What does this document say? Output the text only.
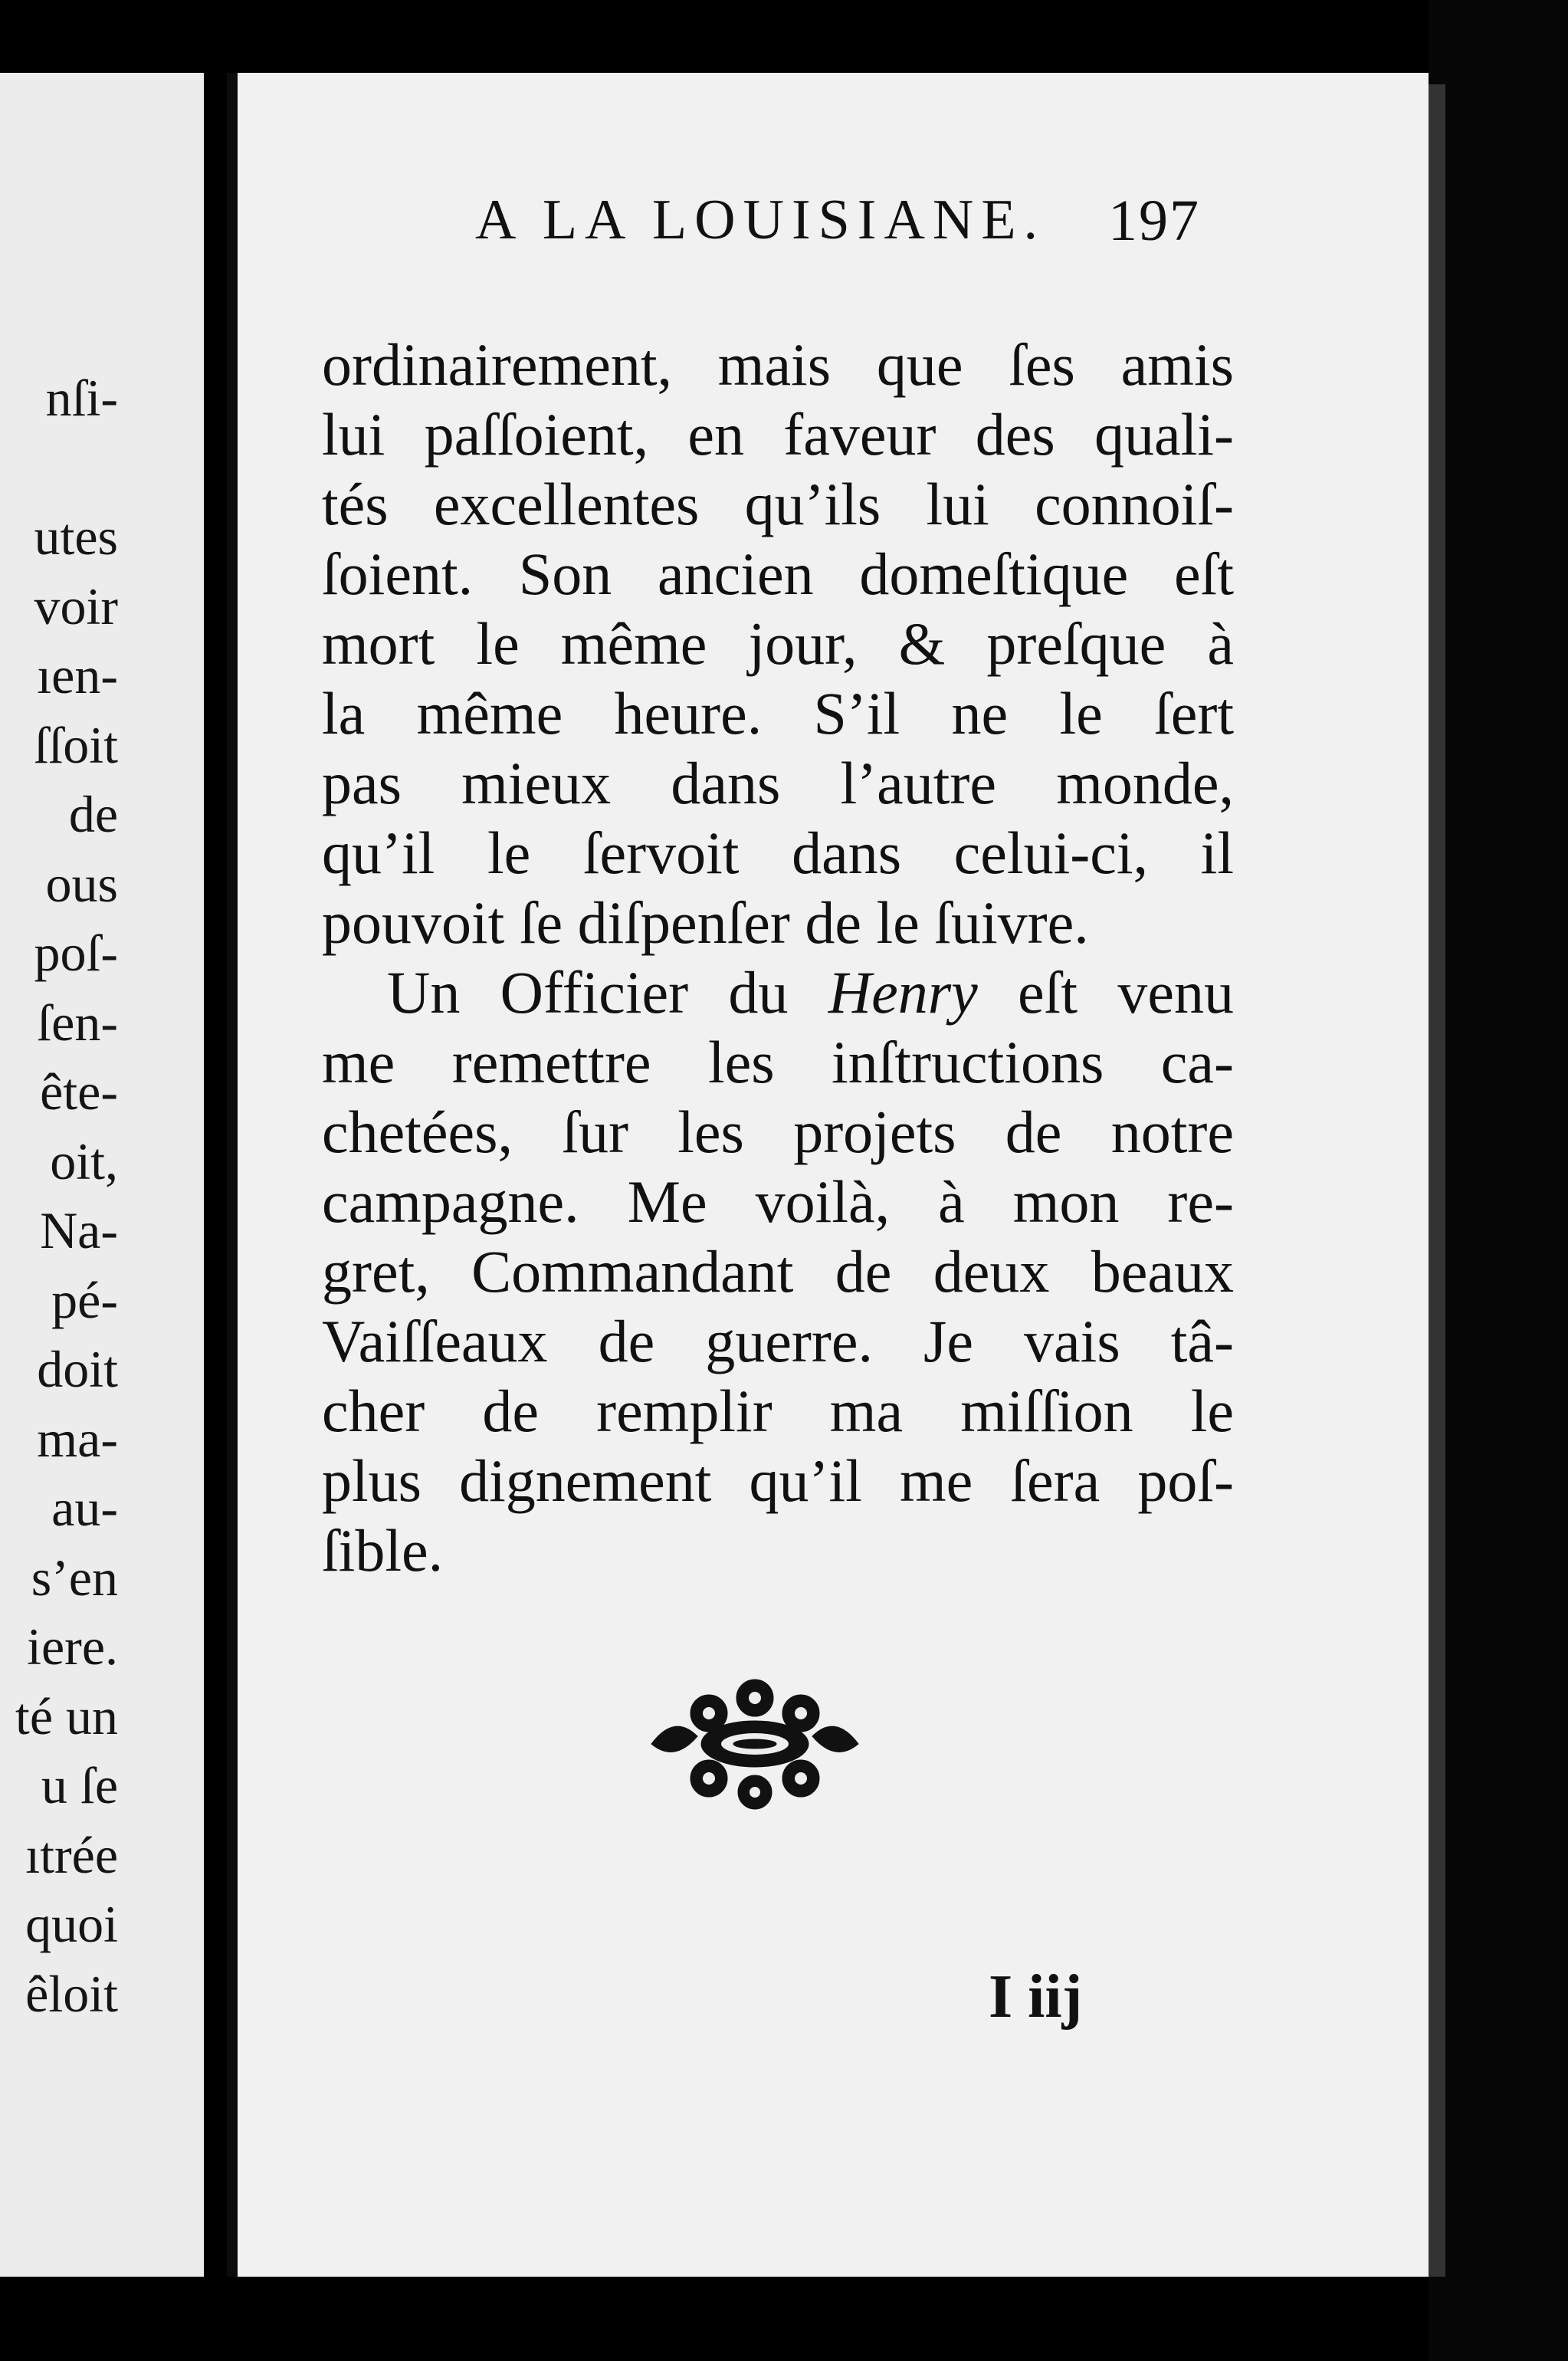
nſi-
utes
voir
ıen-
ſſoit
de
ous
poſ-
ſen-
ête-
oit,
Na-
pé-
doit
ma-
au-
s’en
iere.
té un
u ſe
ıtrée
quoi
êloit
A LA LOUISIANE. 197
ordinairement, mais que ſes amis
lui paſſoient, en faveur des quali-
tés excellentes qu’ils lui connoiſ-
ſoient. Son ancien domeſtique eſt
mort le même jour, & preſque à
la même heure. S’il ne le ſert
pas mieux dans l’autre monde,
qu’il le ſervoit dans celui-ci, il
pouvoit ſe diſpenſer de le ſuivre.
Un Officier du Henry eſt venu
me remettre les inſtructions ca-
chetées, ſur les projets de notre
campagne. Me voilà, à mon re-
gret, Commandant de deux beaux
Vaiſſeaux de guerre. Je vais tâ-
cher de remplir ma miſſion le
plus dignement qu’il me ſera poſ-
ſible.
I iij
